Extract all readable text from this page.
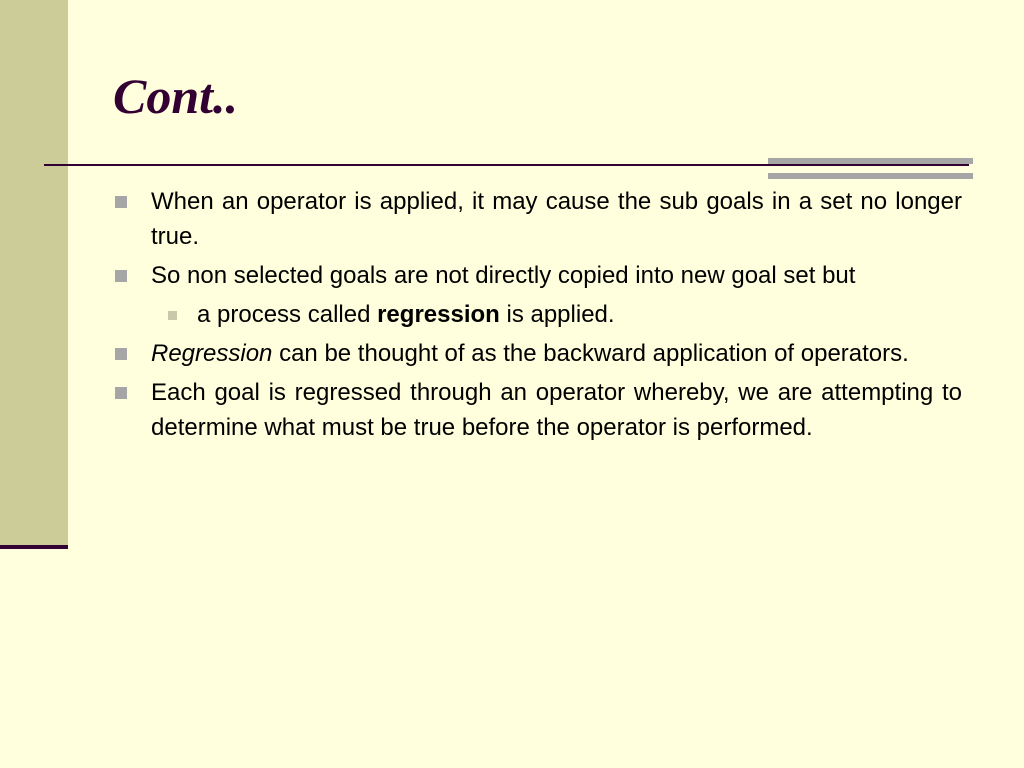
Cont..
When an operator is applied, it may cause the sub goals in a set no longer true.
So non selected goals are not directly copied into new goal set but
a process called regression is applied.
Regression can be thought of as the backward application of operators.
Each goal is regressed through an operator whereby, we are attempting to determine what must be true before the operator is performed.
